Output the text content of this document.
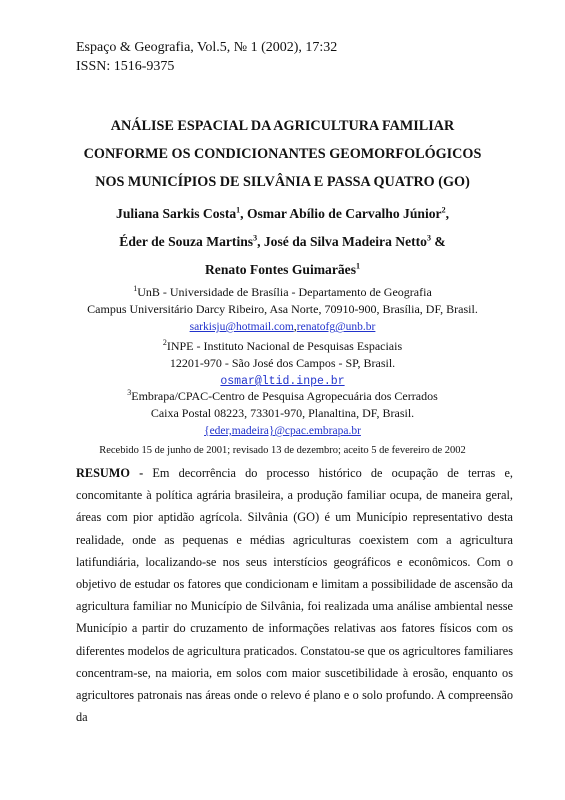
Espaço & Geografia, Vol.5, № 1 (2002), 17:32
ISSN: 1516-9375
ANÁLISE ESPACIAL DA AGRICULTURA FAMILIAR
CONFORME OS CONDICIONANTES GEOMORFOLÓGICOS
NOS MUNICÍPIOS DE SILVÂNIA E PASSA QUATRO (GO)
Juliana Sarkis Costa$^1$, Osmar Abílio de Carvalho Júnior$^2$,
Éder de Souza Martins$^3$, José da Silva Madeira Netto$^3$ &
Renato Fontes Guimarães$^1$
$^1$UnB - Universidade de Brasília - Departamento de Geografia
Campus Universitário Darcy Ribeiro, Asa Norte, 70910-900, Brasília, DF, Brasil.
sarkisju@hotmail.com,renatofg@unb.br
$^2$INPE - Instituto Nacional de Pesquisas Espaciais
12201-970 - São José dos Campos - SP, Brasil.
osmar@ltid.inpe.br
$^3$Embrapa/CPAC-Centro de Pesquisa Agropecuária dos Cerrados
Caixa Postal 08223, 73301-970, Planaltina, DF, Brasil.
{eder,madeira}@cpac.embrapa.br
Recebido 15 de junho de 2001; revisado 13 de dezembro; aceito 5 de fevereiro de 2002
RESUMO - Em decorrência do processo histórico de ocupação de terras e, concomitante à política agrária brasileira, a produção familiar ocupa, de maneira geral, áreas com pior aptidão agrícola. Silvânia (GO) é um Município representativo desta realidade, onde as pequenas e médias agriculturas coexistem com a agricultura latifundiária, localizando-se nos seus interstícios geográficos e econômicos. Com o objetivo de estudar os fatores que condicionam e limitam a possibilidade de ascensão da agricultura familiar no Município de Silvânia, foi realizada uma análise ambiental nesse Município a partir do cruzamento de informações relativas aos fatores físicos com os diferentes modelos de agricultura praticados. Constatou-se que os agricultores familiares concentram-se, na maioria, em solos com maior suscetibilidade à erosão, enquanto os agricultores patronais nas áreas onde o relevo é plano e o solo profundo. A compreensão da
